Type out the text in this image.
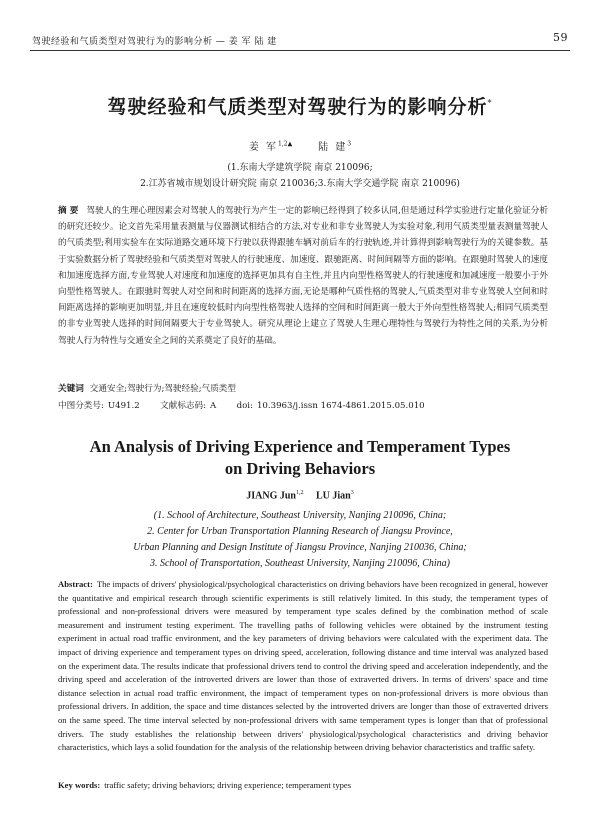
驾驶经验和气质类型对驾驶行为的影响分析 — 姜 军 陆 建	59
驾驶经验和气质类型对驾驶行为的影响分析*
姜 军$^{1,2▲}$	陆 建$^3$
(1.东南大学建筑学院 南京 210096;
2.江苏省城市规划设计研究院 南京 210036;3.东南大学交通学院 南京 210096)
摘 要 驾驶人的生理心理因素会对驾驶人的驾驶行为产生一定的影响已经得到了较多认同,但是通过科学实验进行定量化验证分析的研究还较少。论文首先采用量表测量与仪器测试相结合的方法,对专业和非专业驾驶人为实验对象,利用气质类型量表测量驾驶人的气质类型;利用实验车在实际道路交通环境下行驶以获得跟驰车辆对前后车的行驶轨迹,并计算得到影响驾驶行为的关键参数。基于实验数据分析了驾驶经验和气质类型对驾驶人的行驶速度、加速度、跟驰距离、时间间隔等方面的影响。在跟驰时驾驶人的速度和加速度选择方面,专业驾驶人对速度和加速度的选择更加具有自主性,并且内向型性格驾驶人的行驶速度和加减速度一般要小于外向型性格驾驶人。在跟驰时驾驶人对空间和时间距离的选择方面,无论是哪种气质性格的驾驶人,气质类型对非专业驾驶人空间和时间距离选择的影响更加明显,并且在速度较低时内向型性格驾驶人选择的空间和时间距离一般大于外向型性格驾驶人;相同气质类型的非专业驾驶人选择的时间间隔要大于专业驾驶人。研究从理论上建立了驾驶人生理心理特性与驾驶行为特性之间的关系,为分析驾驶人行为特性与交通安全之间的关系奠定了良好的基础。
关键词 交通安全;驾驶行为;驾驶经验;气质类型
中图分类号: U491.2 文献标志码: A doi: 10.3963/j.issn 1674-4861.2015.05.010
An Analysis of Driving Experience and Temperament Types
on Driving Behaviors
JIANG Jun$^{1,2}$ LU Jian$^3$
(1. School of Architecture, Southeast University, Nanjing 210096, China;
2. Center for Urban Transportation Planning Research of Jiangsu Province,
Urban Planning and Design Institute of Jiangsu Province, Nanjing 210036, China;
3. School of Transportation, Southeast University, Nanjing 210096, China)
Abstract: The impacts of drivers' physiological/psychological characteristics on driving behaviors have been recognized in general, however the quantitative and empirical research through scientific experiments is still relatively limited. In this study, the temperament types of professional and non-professional drivers were measured by temperament type scales defined by the combination method of scale measurement and instrument testing experiment. The travelling paths of following vehicles were obtained by the instrument testing experiment in actual road traffic environment, and the key parameters of driving behaviors were calculated with the experiment data. The impact of driving experience and temperament types on driving speed, acceleration, following distance and time interval was analyzed based on the experiment data. The results indicate that professional drivers tend to control the driving speed and acceleration independently, and the driving speed and acceleration of the introverted drivers are lower than those of extraverted drivers. In terms of drivers' space and time distance selection in actual road traffic environment, the impact of temperament types on non-professional drivers is more obvious than professional drivers. In addition, the space and time distances selected by the introverted drivers are longer than those of extraverted drivers on the same speed. The time interval selected by non-professional drivers with same temperament types is longer than that of professional drivers. The study establishes the relationship between drivers' physiological/psychological characteristics and driving behavior characteristics, which lays a solid foundation for the analysis of the relationship between driving behavior characteristics and traffic safety.
Key words: traffic safety; driving behaviors; driving experience; temperament types
